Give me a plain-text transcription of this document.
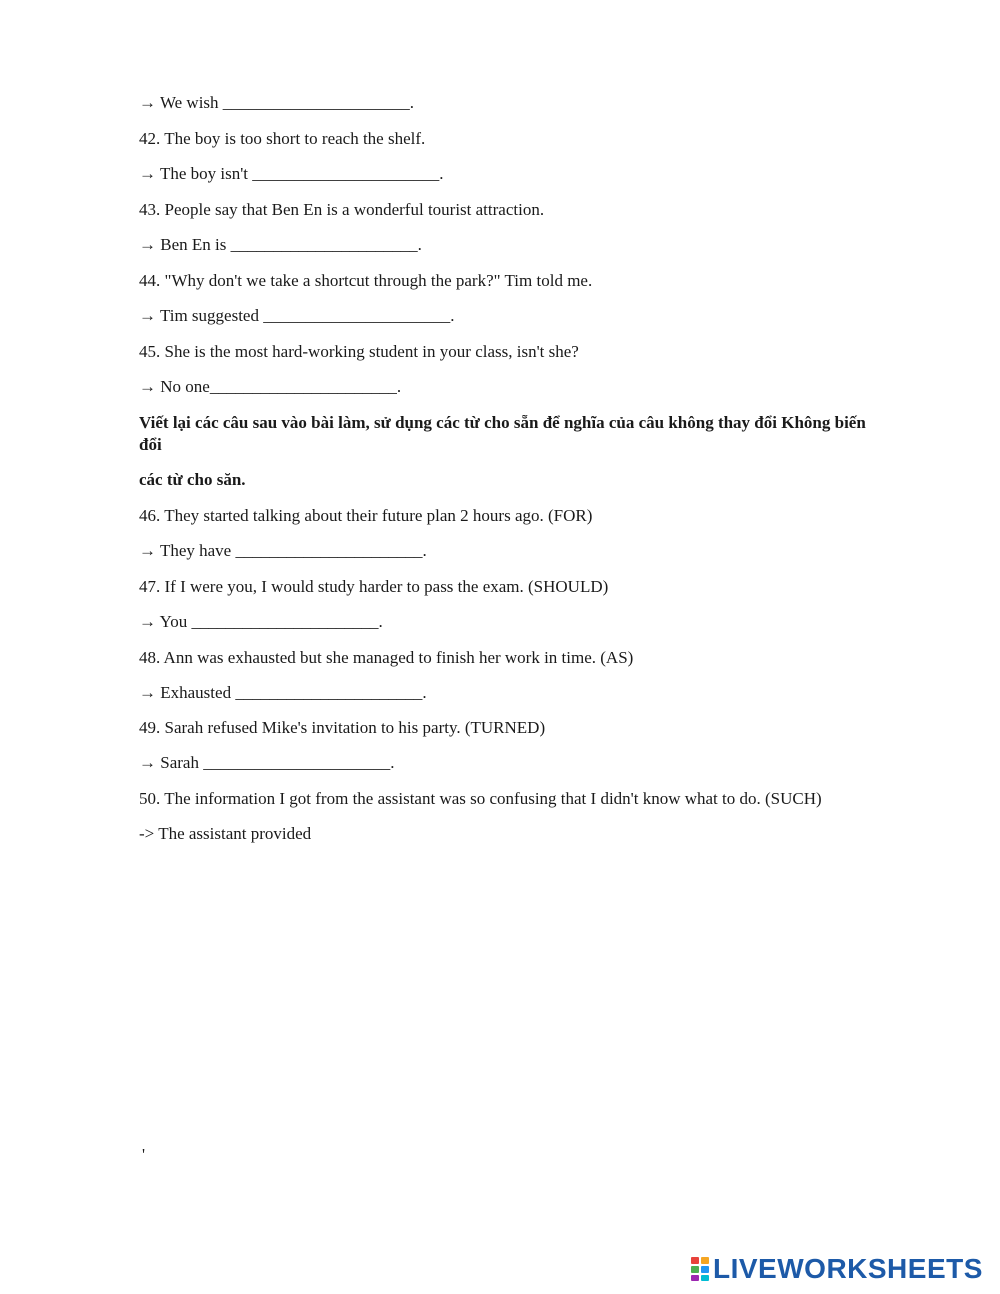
→ We wish ______________________.
42. The boy is too short to reach the shelf.
→ The boy isn't ______________________.
43. People say that Ben En is a wonderful tourist attraction.
→ Ben En is ______________________.
44. "Why don't we take a shortcut through the park?" Tim told me.
→ Tim suggested ______________________.
45. She is the most hard-working student in your class, isn't she?
→ No one______________________.
Viết lại các câu sau vào bài làm, sử dụng các từ cho sẵn để nghĩa của câu không thay đổi Không biến đổi
các từ cho săn.
46. They started talking about their future plan 2 hours ago. (FOR)
→ They have ______________________.
47. If I were you, I would study harder to pass the exam. (SHOULD)
→ You ______________________.
48. Ann was exhausted but she managed to finish her work in time. (AS)
→ Exhausted ______________________.
49. Sarah refused Mike's invitation to his party. (TURNED)
→ Sarah ______________________.
50. The information I got from the assistant was so confusing that I didn't know what to do. (SUCH)
-> The assistant provided
'
LIVEWORKSHEETS
